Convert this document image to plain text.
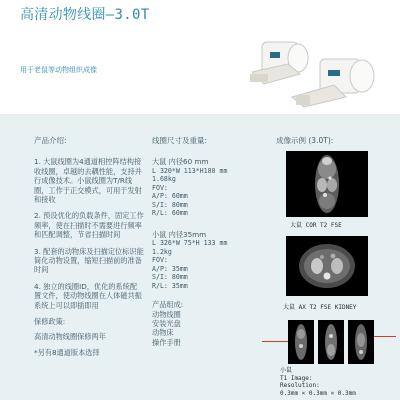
高清动物线圈—3.0T
用于老鼠等动物组织成像

产品介绍:

1. 大鼠线圈为4通道相控阵结构接收线圈，卓越的去耦性能，支持并行成像技术。小鼠线圈为T/R线圈，工作于正交模式，可用于发射和接收

2. 预设优化的负载条件，固定工作频率，使在扫描时不需要进行频率和匹配调整，节省扫描时间

3. 配套的动物床及扫描定位标识能简化动物设置，缩短扫描前的准备时间

4. 独立的线圈ID，优化的系统配置文件，使动物线圈在人体磁共振系统上可以即插即用

保修政策:

高清动物线圈保修两年

*另有8通道版本选择

线圈尺寸及重量:

大鼠 内径60 mm

L 320*W 113*H180 mm

1.68kg

FOV:

A/P: 60mm

S/I: 80mm

R/L: 60mm

小鼠 内径35mm

L 326*W 75*H 133 mm

1.2kg

FOV:

A/P: 35mm

S/I: 80mm

R/L: 35mm

产品组成:

动物线圈

安装光盘

动物床

操作手册

成像示例 (3.0T):
大鼠 COR T2 FSE
大鼠 AX T2 FSE KIDNEY
小鼠
T1 Image:
Resolution:
0.3mm × 0.3mm × 0.3mm
